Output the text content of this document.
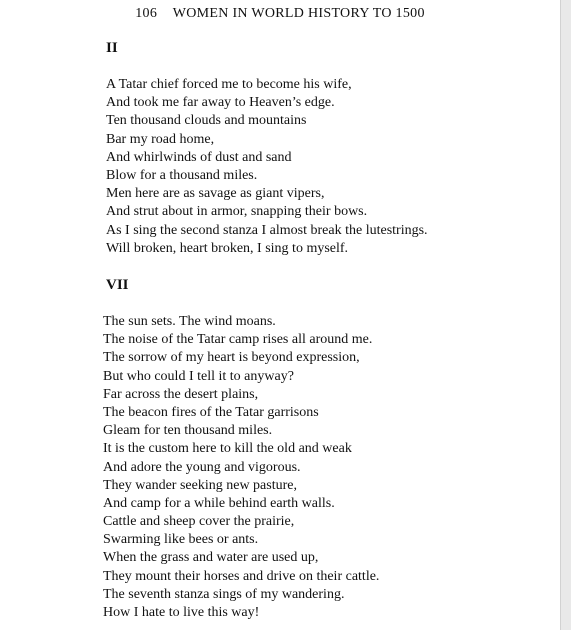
106 WOMEN IN WORLD HISTORY TO 1500
II
A Tatar chief forced me to become his wife,
And took me far away to Heaven’s edge.
Ten thousand clouds and mountains
Bar my road home,
And whirlwinds of dust and sand
Blow for a thousand miles.
Men here are as savage as giant vipers,
And strut about in armor, snapping their bows.
As I sing the second stanza I almost break the lutestrings.
Will broken, heart broken, I sing to myself.
VII
The sun sets. The wind moans.
The noise of the Tatar camp rises all around me.
The sorrow of my heart is beyond expression,
But who could I tell it to anyway?
Far across the desert plains,
The beacon fires of the Tatar garrisons
Gleam for ten thousand miles.
It is the custom here to kill the old and weak
And adore the young and vigorous.
They wander seeking new pasture,
And camp for a while behind earth walls.
Cattle and sheep cover the prairie,
Swarming like bees or ants.
When the grass and water are used up,
They mount their horses and drive on their cattle.
The seventh stanza sings of my wandering.
How I hate to live this way!
